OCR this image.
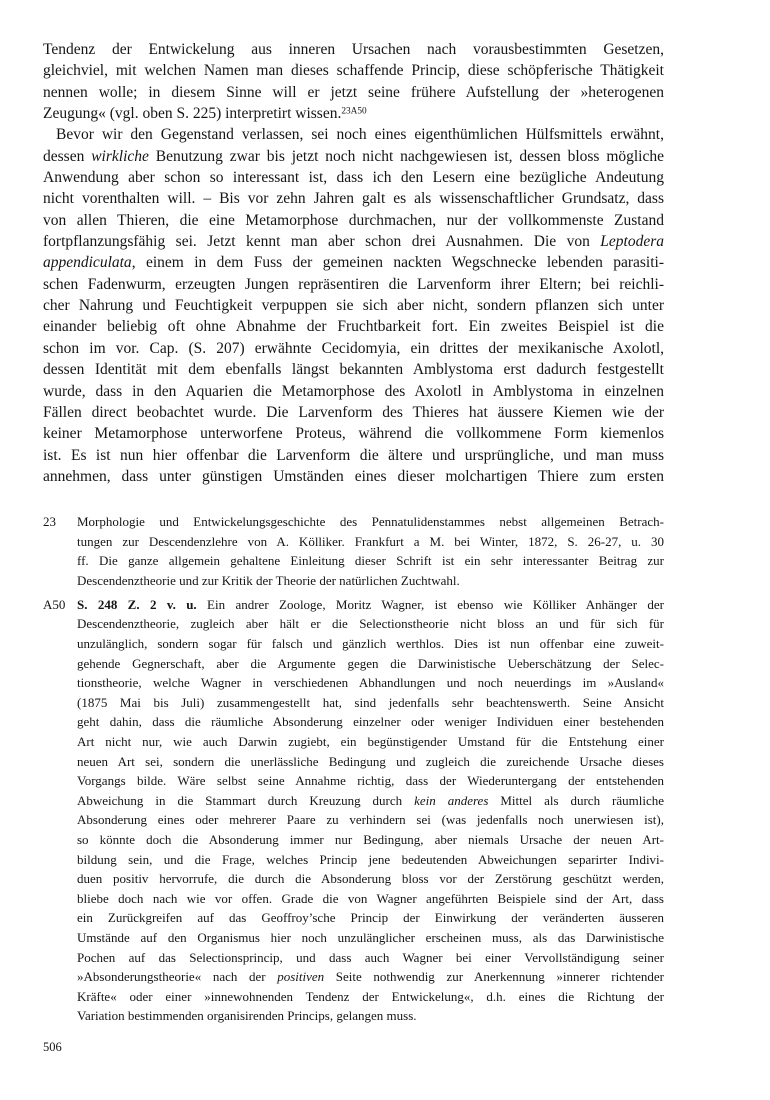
Tendenz der Entwickelung aus inneren Ursachen nach vorausbestimmten Gesetzen,
gleichviel, mit welchen Namen man dieses schaffende Princip, diese schöpferische Thätigkeit
nennen wolle; in diesem Sinne will er jetzt seine frühere Aufstellung der »heterogenen
Zeugung« (vgl. oben S. 225) interpretirt wissen.$^{23A50}$
Bevor wir den Gegenstand verlassen, sei noch eines eigenthümlichen Hülfsmittels erwähnt,
dessen wirkliche Benutzung zwar bis jetzt noch nicht nachgewiesen ist, dessen bloss mögliche
Anwendung aber schon so interessant ist, dass ich den Lesern eine bezügliche Andeutung
nicht vorenthalten will. – Bis vor zehn Jahren galt es als wissenschaftlicher Grundsatz, dass
von allen Thieren, die eine Metamorphose durchmachen, nur der vollkommenste Zustand
fortpflanzungsfähig sei. Jetzt kennt man aber schon drei Ausnahmen. Die von Leptodera
appendiculata, einem in dem Fuss der gemeinen nackten Wegschnecke lebenden parasiti-
schen Fadenwurm, erzeugten Jungen repräsentiren die Larvenform ihrer Eltern; bei reichli-
cher Nahrung und Feuchtigkeit verpuppen sie sich aber nicht, sondern pflanzen sich unter
einander beliebig oft ohne Abnahme der Fruchtbarkeit fort. Ein zweites Beispiel ist die
schon im vor. Cap. (S. 207) erwähnte Cecidomyia, ein drittes der mexikanische Axolotl,
dessen Identität mit dem ebenfalls längst bekannten Amblystoma erst dadurch festgestellt
wurde, dass in den Aquarien die Metamorphose des Axolotl in Amblystoma in einzelnen
Fällen direct beobachtet wurde. Die Larvenform des Thieres hat äussere Kiemen wie der
keiner Metamorphose unterworfene Proteus, während die vollkommene Form kiemenlos
ist. Es ist nun hier offenbar die Larvenform die ältere und ursprüngliche, und man muss
annehmen, dass unter günstigen Umständen eines dieser molchartigen Thiere zum ersten
23 Morphologie und Entwickelungsgeschichte des Pennatulidenstammes nebst allgemeinen Betrach-
tungen zur Descendenzlehre von A. Kölliker. Frankfurt a M. bei Winter, 1872, S. 26-27, u. 30
ff. Die ganze allgemein gehaltene Einleitung dieser Schrift ist ein sehr interessanter Beitrag zur
Descendenztheorie und zur Kritik der Theorie der natürlichen Zuchtwahl.
A50 S. 248 Z. 2 v. u. Ein andrer Zoologe, Moritz Wagner, ist ebenso wie Kölliker Anhänger der
Descendenztheorie, zugleich aber hält er die Selectionstheorie nicht bloss an und für sich für
unzulänglich, sondern sogar für falsch und gänzlich werthlos. Dies ist nun offenbar eine zuweit-
gehende Gegnerschaft, aber die Argumente gegen die Darwinistische Ueberschätzung der Selec-
tionstheorie, welche Wagner in verschiedenen Abhandlungen und noch neuerdings im »Ausland«
(1875 Mai bis Juli) zusammengestellt hat, sind jedenfalls sehr beachtenswerth. Seine Ansicht
geht dahin, dass die räumliche Absonderung einzelner oder weniger Individuen einer bestehenden
Art nicht nur, wie auch Darwin zugiebt, ein begünstigender Umstand für die Entstehung einer
neuen Art sei, sondern die unerlässliche Bedingung und zugleich die zureichende Ursache dieses
Vorgangs bilde. Wäre selbst seine Annahme richtig, dass der Wiederuntergang der entstehenden
Abweichung in die Stammart durch Kreuzung durch kein anderes Mittel als durch räumliche
Absonderung eines oder mehrerer Paare zu verhindern sei (was jedenfalls noch unerwiesen ist),
so könnte doch die Absonderung immer nur Bedingung, aber niemals Ursache der neuen Art-
bildung sein, und die Frage, welches Princip jene bedeutenden Abweichungen separirter Indivi-
duen positiv hervorrufe, die durch die Absonderung bloss vor der Zerstörung geschützt werden,
bliebe doch nach wie vor offen. Grade die von Wagner angeführten Beispiele sind der Art, dass
ein Zurückgreifen auf das Geoffroy’sche Princip der Einwirkung der veränderten äusseren
Umstände auf den Organismus hier noch unzulänglicher erscheinen muss, als das Darwinistische
Pochen auf das Selectionsprincip, und dass auch Wagner bei einer Vervollständigung seiner
»Absonderungstheorie« nach der positiven Seite nothwendig zur Anerkennung »innerer richtender
Kräfte« oder einer »innewohnenden Tendenz der Entwickelung«, d.h. eines die Richtung der
Variation bestimmenden organisirenden Princips, gelangen muss.
506
